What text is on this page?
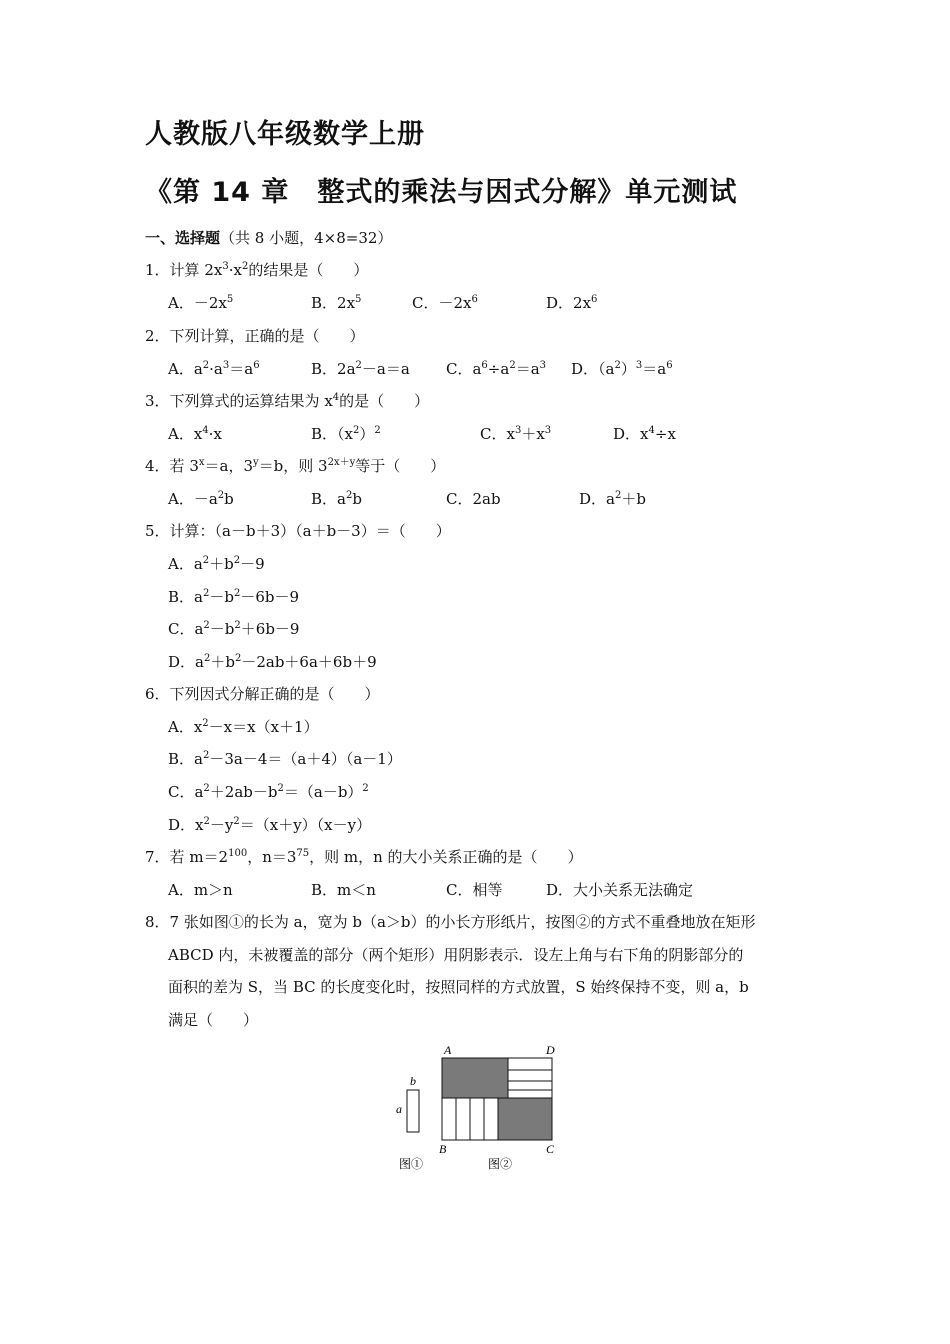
人教版八年级数学上册
《第 14 章　整式的乘法与因式分解》单元测试
一、选择题（共 8 小题，4×8=32）
1．计算 $2x^3\cdot x^2$的结果是（　　）
A．$-2x^5$	B．$2x^5$	C．$-2x^6$	D．$2x^6$
2．下列计算，正确的是（　　）
A．$a^2\cdot a^3=a^6$	B．$2a^2-a=a$ C．$a^6\div a^2=a^3$ D．$(a^2)^3=a^6$
3．下列算式的运算结果为 $x^4$的是（　　）
A．$x^4\cdot x$	B．$(x^2)^2$	C．$x^3+x^3$	D．$x^4\div x$
4．若 $3^x=a$，$3^y=b$，则 $3^{2x+y}$等于（　　）
A．$-a^2b$	B．$a^2b$	C．2ab	D．$a^2+b$
5．计算：（a－b＋3）（a＋b－3）＝（　　）
A．$a^2+b^2-9$
B．$a^2-b^2-6b-9$
C．$a^2-b^2+6b-9$
D．$a^2+b^2-2ab+6a+6b+9$
6．下列因式分解正确的是（　　）
A．$x^2-x=x(x+1)$
B．$a^2-3a-4=(a+4)(a-1)$
C．$a^2+2ab-b^2=(a-b)^2$
D．$x^2-y^2=(x+y)(x-y)$
7．若 $m=2^{100}$，$n=3^{75}$，则 m，n 的大小关系正确的是（　　）
A．m＞n	B．m＜n	C．相等	D．大小关系无法确定
8．7 张如图①的长为 a，宽为 b（a＞b）的小长方形纸片，按图②的方式不重叠地放在矩形
ABCD 内，未被覆盖的部分（两个矩形）用阴影表示．设左上角与右下角的阴影部分的
面积的差为 S，当 BC 的长度变化时，按照同样的方式放置，S 始终保持不变，则 a，b
满足（　　）
b
a
A	D
B	C
图①	图②
